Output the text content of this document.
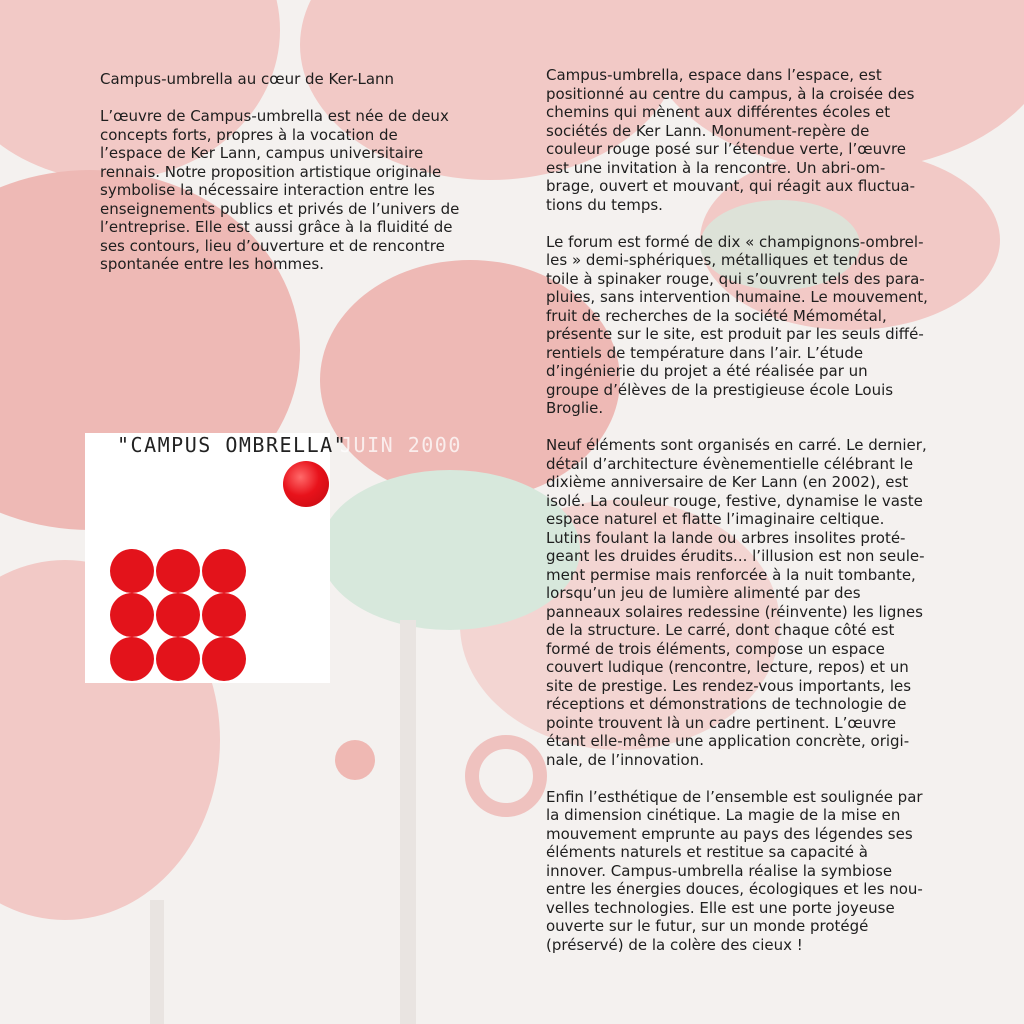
Campus-umbrella au cœur de Ker-Lann

L’œuvre de Campus-umbrella est née de deux
concepts forts, propres à la vocation de
l’espace de Ker Lann, campus universitaire
rennais. Notre proposition artistique originale
symbolise la nécessaire interaction entre les
enseignements publics et privés de l’univers de
l’entreprise. Elle est aussi grâce à la fluidité de
ses contours, lieu d’ouverture et de rencontre
spontanée entre les hommes.

"CAMPUS OMBRELLA"
JUIN 2000

Campus-umbrella, espace dans l’espace, est
positionné au centre du campus, à la croisée des
chemins qui mènent aux différentes écoles et
sociétés de Ker Lann. Monument-repère de
couleur rouge posé sur l’étendue verte, l’œuvre
est une invitation à la rencontre. Un abri-om-
brage, ouvert et mouvant, qui réagit aux fluctua-
tions du temps.

Le forum est formé de dix « champignons-ombrel-
les » demi-sphériques, métalliques et tendus de
toile à spinaker rouge, qui s’ouvrent tels des para-
pluies, sans intervention humaine. Le mouvement,
fruit de recherches de la société Mémométal,
présente sur le site, est produit par les seuls diffé-
rentiels de température dans l’air. L’étude
d’ingénierie du projet a été réalisée par un
groupe d’élèves de la prestigieuse école Louis
Broglie.

Neuf éléments sont organisés en carré. Le dernier,
détail d’architecture évènementielle célébrant le
dixième anniversaire de Ker Lann (en 2002), est
isolé. La couleur rouge, festive, dynamise le vaste
espace naturel et flatte l’imaginaire celtique.
Lutins foulant la lande ou arbres insolites proté-
geant les druides érudits... l’illusion est non seule-
ment permise mais renforcée à la nuit tombante,
lorsqu’un jeu de lumière alimenté par des
panneaux solaires redessine (réinvente) les lignes
de la structure. Le carré, dont chaque côté est
formé de trois éléments, compose un espace
couvert ludique (rencontre, lecture, repos) et un
site de prestige. Les rendez-vous importants, les
réceptions et démonstrations de technologie de
pointe trouvent là un cadre pertinent. L’œuvre
étant elle-même une application concrète, origi-
nale, de l’innovation.

Enfin l’esthétique de l’ensemble est soulignée par
la dimension cinétique. La magie de la mise en
mouvement emprunte au pays des légendes ses
éléments naturels et restitue sa capacité à
innover. Campus-umbrella réalise la symbiose
entre les énergies douces, écologiques et les nou-
velles technologies. Elle est une porte joyeuse
ouverte sur le futur, sur un monde protégé
(préservé) de la colère des cieux !
